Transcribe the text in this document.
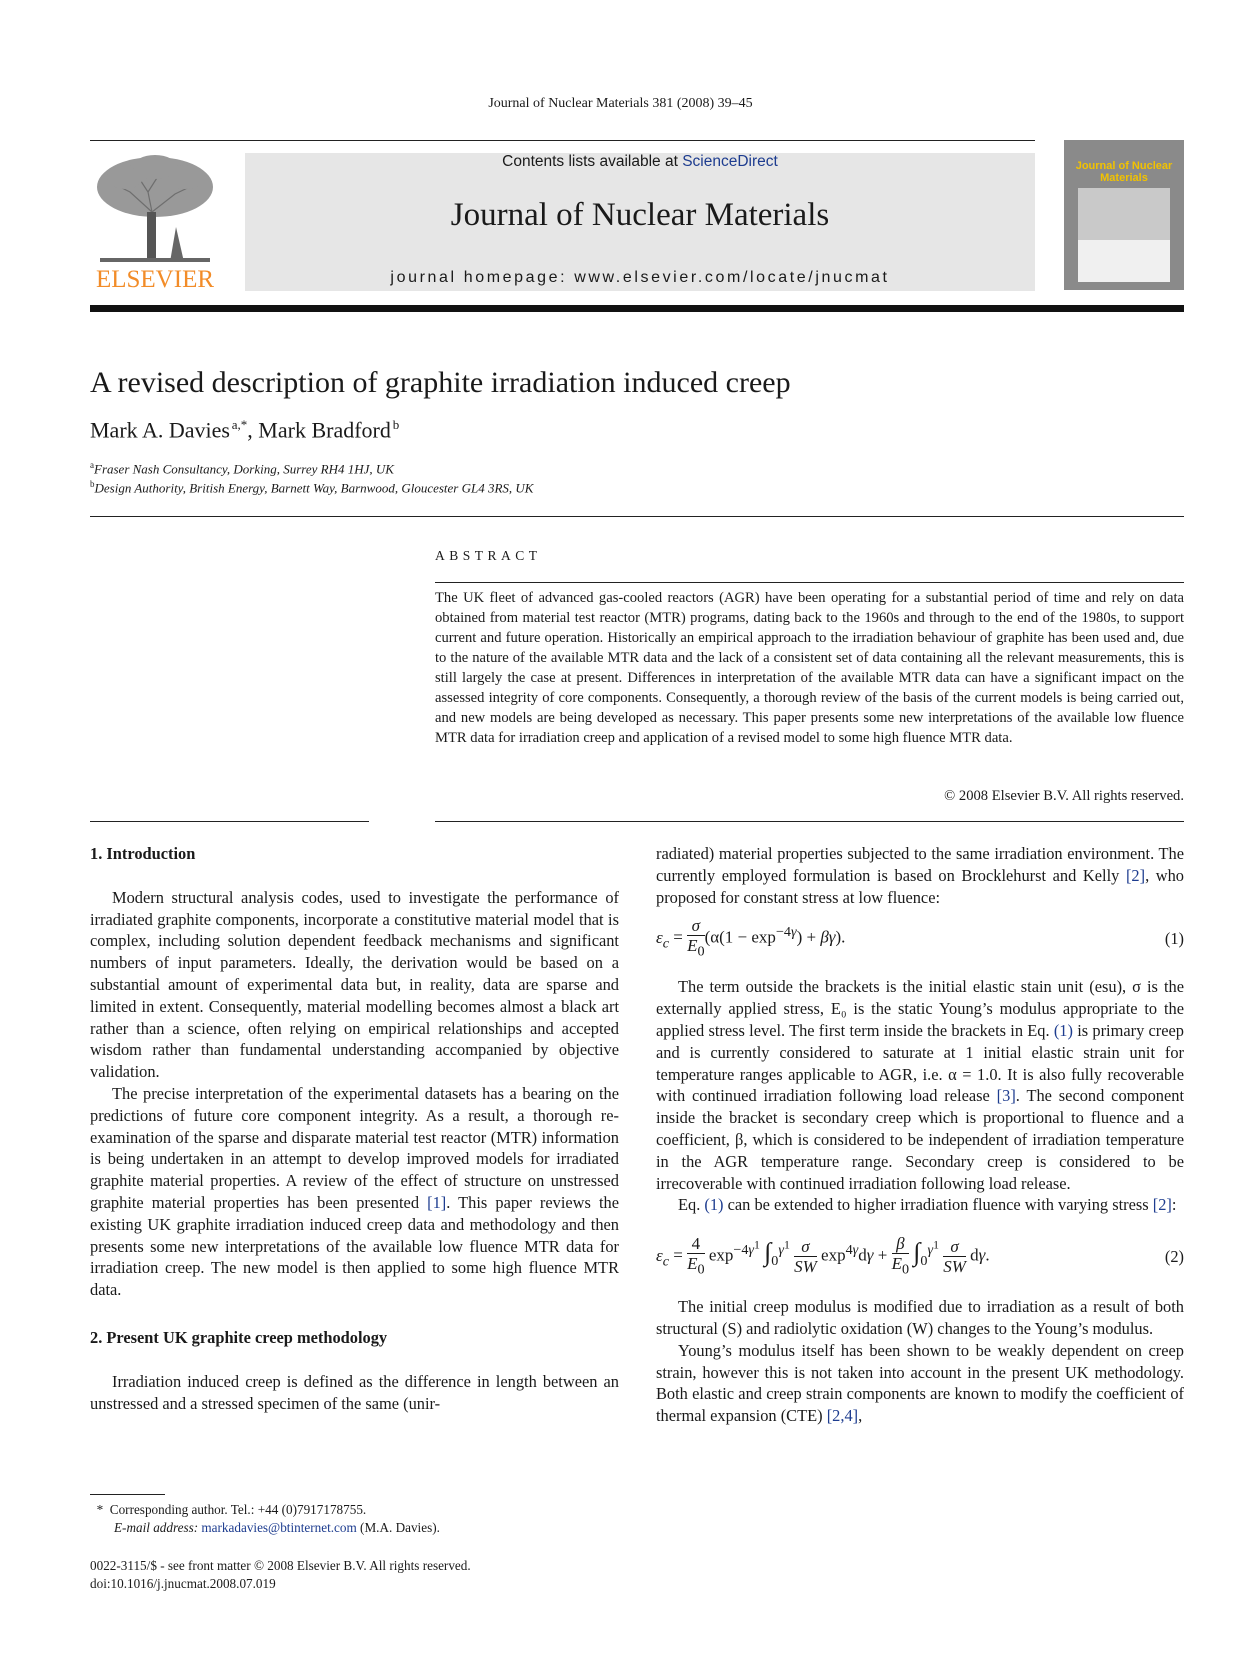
Journal of Nuclear Materials 381 (2008) 39–45
ELSEVIER
Contents lists available at ScienceDirect
Journal of Nuclear Materials
journal homepage: www.elsevier.com/locate/jnucmat
Journal of Nuclear Materials
A revised description of graphite irradiation induced creep
Mark A. Davies  $^{a,*}$, Mark Bradford  $^b$
$^a$Fraser Nash Consultancy, Dorking, Surrey RH4 1HJ, UK
$^b$Design Authority, British Energy, Barnett Way, Barnwood, Gloucester GL4 3RS, UK
ABSTRACT
The UK fleet of advanced gas-cooled reactors (AGR) have been operating for a substantial period of time and rely on data obtained from material test reactor (MTR) programs, dating back to the 1960s and through to the end of the 1980s, to support current and future operation. Historically an empirical approach to the irradiation behaviour of graphite has been used and, due to the nature of the available MTR data and the lack of a consistent set of data containing all the relevant measurements, this is still largely the case at present. Differences in interpretation of the available MTR data can have a significant impact on the assessed integrity of core components. Consequently, a thorough review of the basis of the current models is being carried out, and new models are being developed as necessary. This paper presents some new interpretations of the available low fluence MTR data for irradiation creep and application of a revised model to some high fluence MTR data.
© 2008 Elsevier B.V. All rights reserved.

1. Introduction

Modern structural analysis codes, used to investigate the performance of irradiated graphite components, incorporate a constitutive material model that is complex, including solution dependent feedback mechanisms and significant numbers of input parameters. Ideally, the derivation would be based on a substantial amount of experimental data but, in reality, data are sparse and limited in extent. Consequently, material modelling becomes almost a black art rather than a science, often relying on empirical relationships and accepted wisdom rather than fundamental understanding accompanied by objective validation.

The precise interpretation of the experimental datasets has a bearing on the predictions of future core component integrity. As a result, a thorough re-examination of the sparse and disparate material test reactor (MTR) information is being undertaken in an attempt to develop improved models for irradiated graphite material properties. A review of the effect of structure on unstressed graphite material properties has been presented [1]. This paper reviews the existing UK graphite irradiation induced creep data and methodology and then presents some new interpretations of the available low fluence MTR data for irradiation creep. The new model is then applied to some high fluence MTR data.

2. Present UK graphite creep methodology

Irradiation induced creep is defined as the difference in length between an unstressed and a stressed specimen of the same (unir-

radiated) material properties subjected to the same irradiation environment. The currently employed formulation is based on Brocklehurst and Kelly [2], who proposed for constant stress at low fluence:

$\varepsilon_c = \frac{\sigma}{E_0} (\alpha(1 - \exp^{-4\gamma}) + \beta\gamma)$.	(1)

The term outside the brackets is the initial elastic stain unit (esu), σ is the externally applied stress, E₀ is the static Young’s modulus appropriate to the applied stress level. The first term inside the brackets in Eq. (1) is primary creep and is currently considered to saturate at 1 initial elastic strain unit for temperature ranges applicable to AGR, i.e. α = 1.0. It is also fully recoverable with continued irradiation following load release [3]. The second component inside the bracket is secondary creep which is proportional to fluence and a coefficient, β, which is considered to be independent of irradiation temperature in the AGR temperature range. Secondary creep is considered to be irrecoverable with continued irradiation following load release.

Eq. (1) can be extended to higher irradiation fluence with varying stress [2]:

$\varepsilon_c = \frac{4}{E_0} \exp^{-4\gamma^1} \int_0^{\gamma^1} \frac{\sigma}{SW} \exp^{4\gamma}d\gamma + \frac{\beta}{E_0} \int_0^{\gamma^1} \frac{\sigma}{SW} d\gamma$.	(2)

The initial creep modulus is modified due to irradiation as a result of both structural (S) and radiolytic oxidation (W) changes to the Young’s modulus.

Young’s modulus itself has been shown to be weakly dependent on creep strain, however this is not taken into account in the present UK methodology. Both elastic and creep strain components are known to modify the coefficient of thermal expansion (CTE) [2,4],

* Corresponding author. Tel.: +44 (0)7917178755.
E-mail address: markadavies@btinternet.com (M.A. Davies).
0022-3115/$ - see front matter © 2008 Elsevier B.V. All rights reserved.
doi:10.1016/j.jnucmat.2008.07.019
